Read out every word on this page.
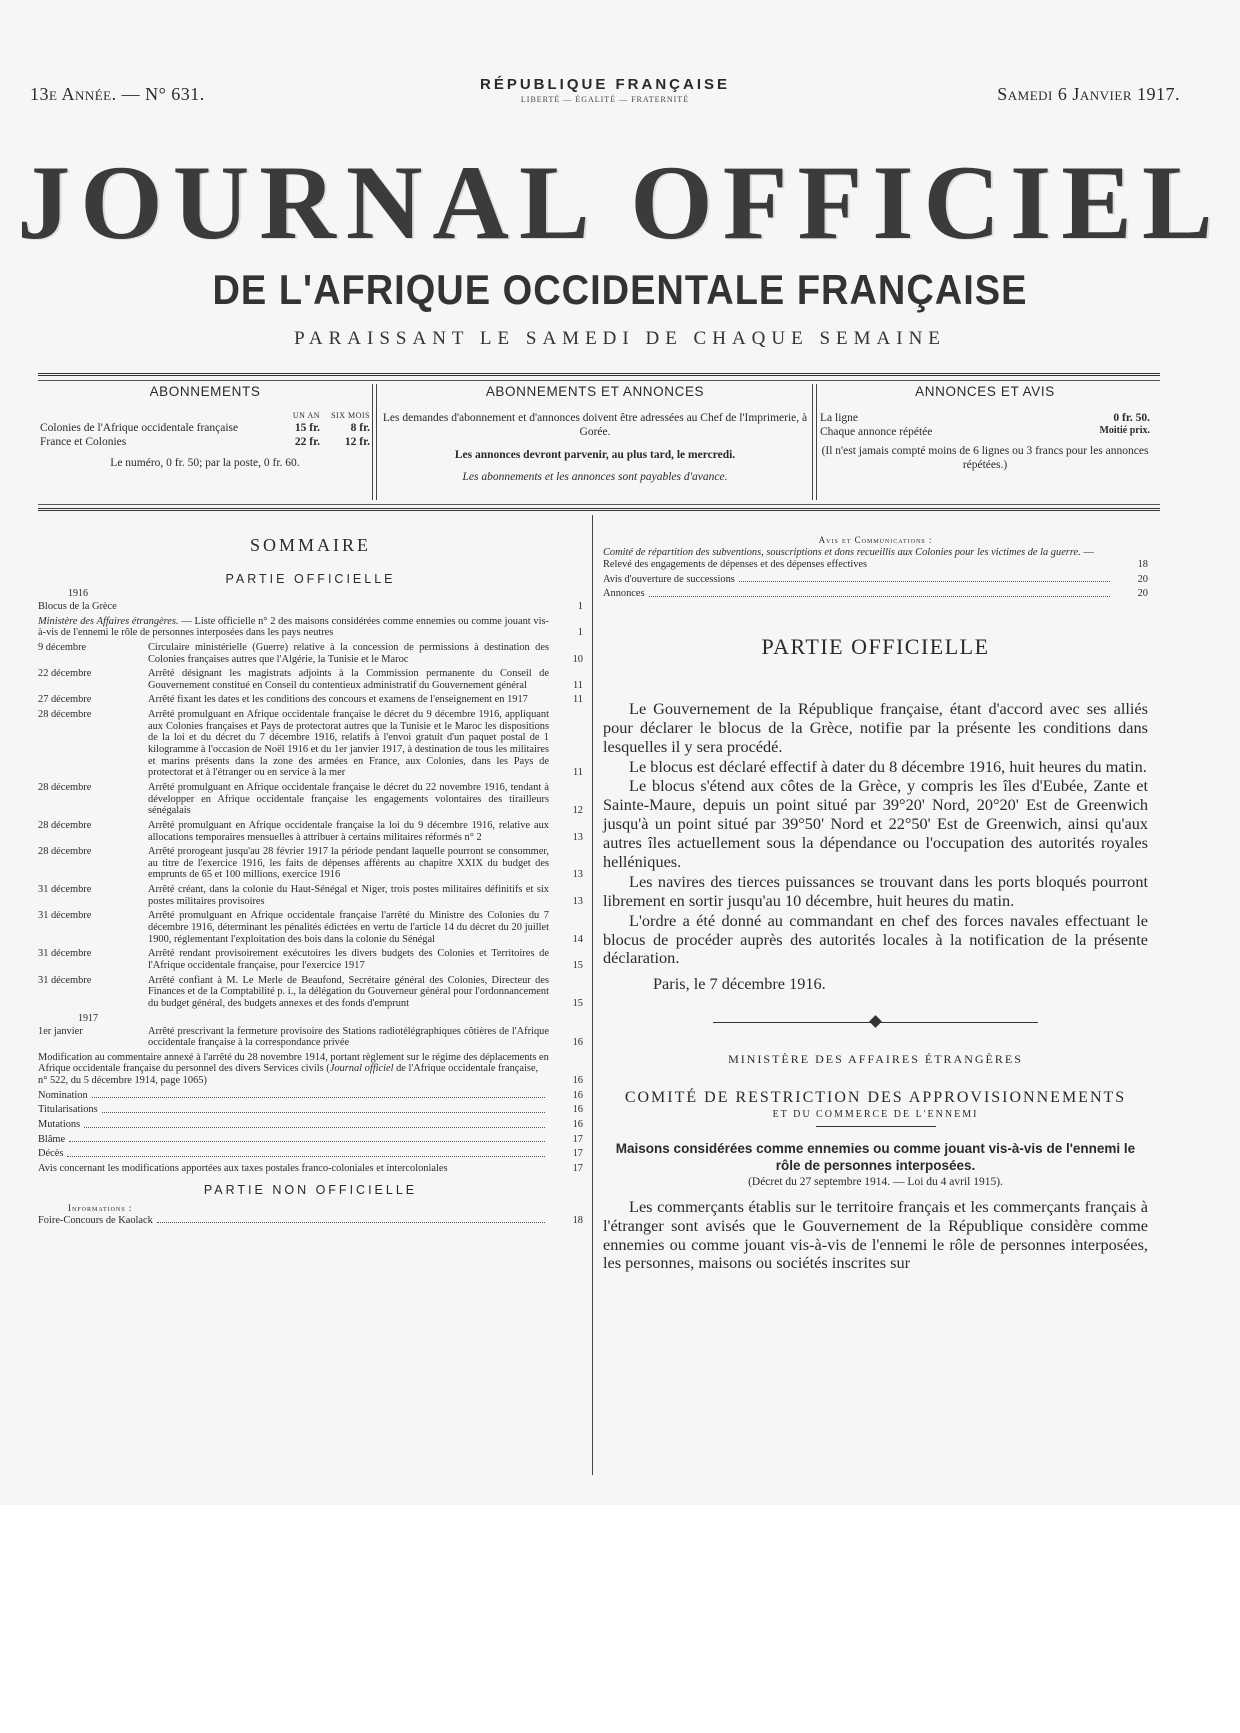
13e Année. — N° 631.	RÉPUBLIQUE FRANÇAISE
LIBERTÉ — ÉGALITÉ — FRATERNITÉ	Samedi 6 Janvier 1917.
JOURNAL OFFICIEL
DE L'AFRIQUE OCCIDENTALE FRANÇAISE
PARAISSANT LE SAMEDI DE CHAQUE SEMAINE
ABONNEMENTS
UN AN	SIX MOIS
Colonies de l'Afrique occidentale française	15 fr.	8 fr.
France et Colonies	22 fr.	12 fr.
Le numéro, 0 fr. 50; par la poste, 0 fr. 60.
ABONNEMENTS ET ANNONCES
Les demandes d'abonnement et d'annonces doivent être adressées au Chef de l'Imprimerie, à Gorée.
Les annonces devront parvenir, au plus tard, le mercredi.
Les abonnements et les annonces sont payables d'avance.
ANNONCES ET AVIS
La ligne	0 fr. 50.
Chaque annonce répétée	Moitié prix.
(Il n'est jamais compté moins de 6 lignes ou 3 francs pour les annonces répétées.)
SOMMAIRE
PARTIE OFFICIELLE
1916
Blocus de la Grèce	1
Ministère des Affaires étrangères. — Liste officielle n° 2 des maisons considérées comme ennemies ou comme jouant vis-à-vis de l'ennemi le rôle de personnes interposées dans les pays neutres	1
9 décembre	Circulaire ministérielle (Guerre) relative à la concession de permissions à destination des Colonies françaises autres que l'Algérie, la Tunisie et le Maroc	10
22 décembre	Arrêté désignant les magistrats adjoints à la Commission permanente du Conseil de Gouvernement constitué en Conseil du contentieux administratif du Gouvernement général	11
27 décembre	Arrêté fixant les dates et les conditions des concours et examens de l'enseignement en 1917	11
28 décembre	Arrêté promulguant en Afrique occidentale française le décret du 9 décembre 1916, appliquant aux Colonies françaises et Pays de protectorat autres que la Tunisie et le Maroc les dispositions de la loi et du décret du 7 décembre 1916, relatifs à l'envoi gratuit d'un paquet postal de 1 kilogramme à l'occasion de Noël 1916 et du 1er janvier 1917, à destination de tous les militaires et marins présents dans la zone des armées en France, aux Colonies, dans les Pays de protectorat et à l'étranger ou en service à la mer	11
28 décembre	Arrêté promulguant en Afrique occidentale française le décret du 22 novembre 1916, tendant à développer en Afrique occidentale française les engagements volontaires des tirailleurs sénégalais	12
28 décembre	Arrêté promulguant en Afrique occidentale française la loi du 9 décembre 1916, relative aux allocations temporaires mensuelles à attribuer à certains militaires réformés n° 2	13
28 décembre	Arrêté prorogeant jusqu'au 28 février 1917 la période pendant laquelle pourront se consommer, au titre de l'exercice 1916, les faits de dépenses afférents au chapitre XXIX du budget des emprunts de 65 et 100 millions, exercice 1916	13
31 décembre	Arrêté créant, dans la colonie du Haut-Sénégal et Niger, trois postes militaires définitifs et six postes militaires provisoires	13
31 décembre	Arrêté promulguant en Afrique occidentale française l'arrêté du Ministre des Colonies du 7 décembre 1916, déterminant les pénalités édictées en vertu de l'article 14 du décret du 20 juillet 1900, réglementant l'exploitation des bois dans la colonie du Sénégal	14
31 décembre	Arrêté rendant provisoirement exécutoires les divers budgets des Colonies et Territoires de l'Afrique occidentale française, pour l'exercice 1917	15
31 décembre	Arrêté confiant à M. Le Merle de Beaufond, Secrétaire général des Colonies, Directeur des Finances et de la Comptabilité p. i., la délégation du Gouverneur général pour l'ordonnancement du budget général, des budgets annexes et des fonds d'emprunt	15
1917
1er janvier	Arrêté prescrivant la fermeture provisoire des Stations radiotélégraphiques côtières de l'Afrique occidentale française à la correspondance privée	16
Modification au commentaire annexé à l'arrêté du 28 novembre 1914, portant règlement sur le régime des déplacements en Afrique occidentale française du personnel des divers Services civils (Journal officiel de l'Afrique occidentale française, n° 522, du 5 décembre 1914, page 1065)	16
Nomination	16
Titularisations	16
Mutations	16
Blâme	17
Décès	17
Avis concernant les modifications apportées aux taxes postales franco-coloniales et intercoloniales	17
PARTIE NON OFFICIELLE
Informations :
Foire-Concours de Kaolack	18
Avis et Communications :
Comité de répartition des subventions, souscriptions et dons recueillis aux Colonies pour les victimes de la guerre. — Relevé des engagements de dépenses et des dépenses effectives	18
Avis d'ouverture de successions	20
Annonces	20
PARTIE OFFICIELLE

Le Gouvernement de la République française, étant d'accord avec ses alliés pour déclarer le blocus de la Grèce, notifie par la présente les conditions dans lesquelles il y sera procédé.

Le blocus est déclaré effectif à dater du 8 décembre 1916, huit heures du matin.

Le blocus s'étend aux côtes de la Grèce, y compris les îles d'Eubée, Zante et Sainte-Maure, depuis un point situé par 39°20' Nord, 20°20' Est de Greenwich jusqu'à un point situé par 39°50' Nord et 22°50' Est de Greenwich, ainsi qu'aux autres îles actuellement sous la dépendance ou l'occupation des autorités royales helléniques.

Les navires des tierces puissances se trouvant dans les ports bloqués pourront librement en sortir jusqu'au 10 décembre, huit heures du matin.

L'ordre a été donné au commandant en chef des forces navales effectuant le blocus de procéder auprès des autorités locales à la notification de la présente déclaration.

Paris, le 7 décembre 1916.
MINISTÈRE DES AFFAIRES ÉTRANGÈRES
COMITÉ DE RESTRICTION DES APPROVISIONNEMENTS
ET DU COMMERCE DE L'ENNEMI
Maisons considérées comme ennemies ou comme jouant vis-à-vis de l'ennemi le rôle de personnes interposées.
(Décret du 27 septembre 1914. — Loi du 4 avril 1915).

Les commerçants établis sur le territoire français et les commerçants français à l'étranger sont avisés que le Gouvernement de la République considère comme ennemies ou comme jouant vis-à-vis de l'ennemi le rôle de personnes interposées, les personnes, maisons ou sociétés inscrites sur
